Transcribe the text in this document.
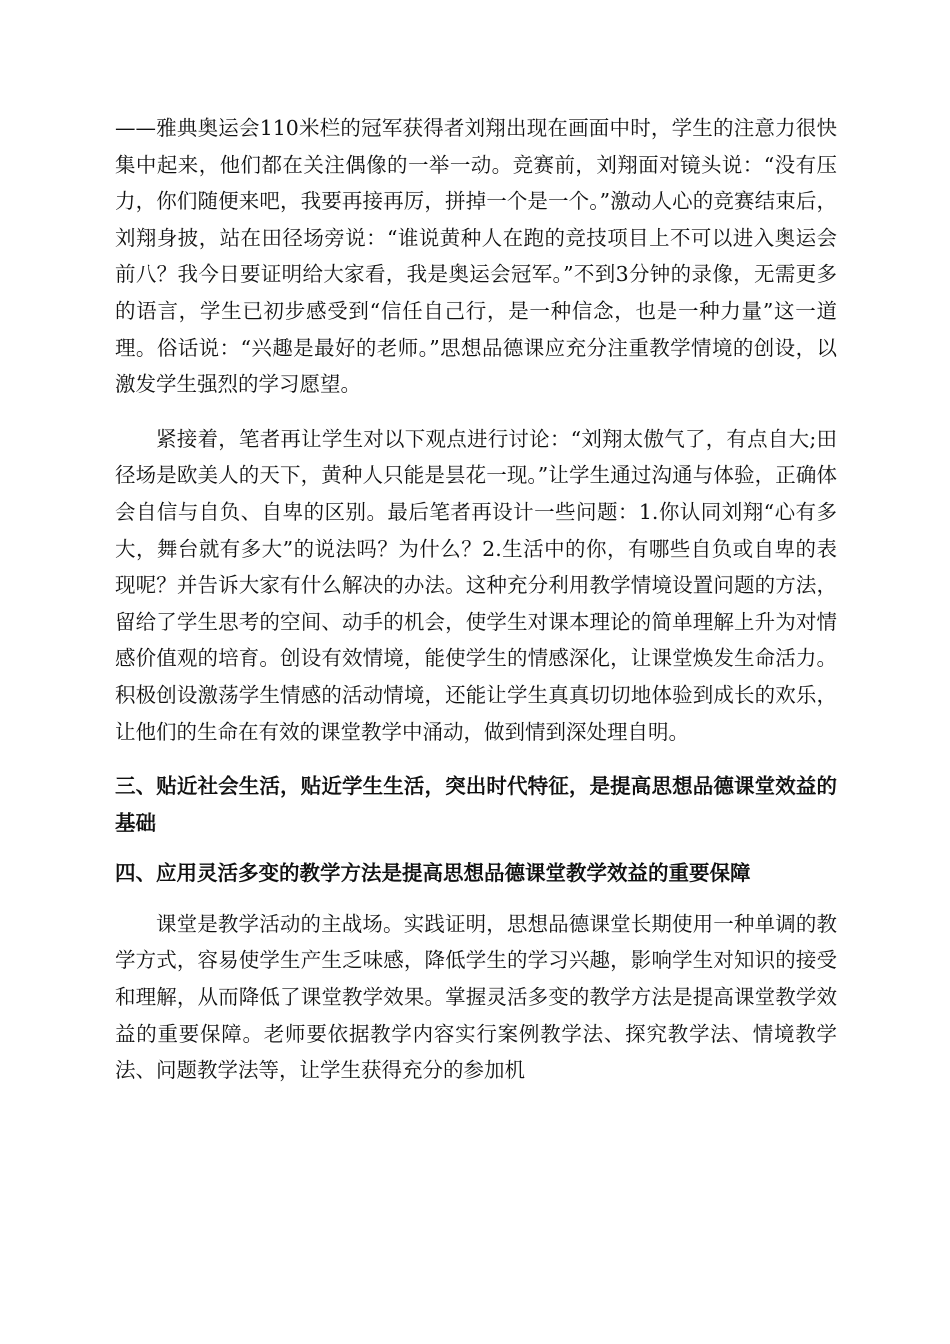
——雅典奥运会110米栏的冠军获得者刘翔出现在画面中时，学生的注意力很快集中起来，他们都在关注偶像的一举一动。竞赛前，刘翔面对镜头说：“没有压力，你们随便来吧，我要再接再厉，拼掉一个是一个。”激动人心的竞赛结束后，刘翔身披，站在田径场旁说：“谁说黄种人在跑的竞技项目上不可以进入奥运会前八？我今日要证明给大家看，我是奥运会冠军。”不到3分钟的录像，无需更多的语言，学生已初步感受到“信任自己行，是一种信念，也是一种力量”这一道理。俗话说：“兴趣是最好的老师。”思想品德课应充分注重教学情境的创设，以激发学生强烈的学习愿望。

紧接着，笔者再让学生对以下观点进行讨论：“刘翔太傲气了，有点自大;田径场是欧美人的天下，黄种人只能是昙花一现。”让学生通过沟通与体验，正确体会自信与自负、自卑的区别。最后笔者再设计一些问题：1.你认同刘翔“心有多大，舞台就有多大”的说法吗？为什么？2.生活中的你，有哪些自负或自卑的表现呢？并告诉大家有什么解决的办法。这种充分利用教学情境设置问题的方法，留给了学生思考的空间、动手的机会，使学生对课本理论的简单理解上升为对情感价值观的培育。创设有效情境，能使学生的情感深化，让课堂焕发生命活力。积极创设激荡学生情感的活动情境，还能让学生真真切切地体验到成长的欢乐，让他们的生命在有效的课堂教学中涌动，做到情到深处理自明。

三、贴近社会生活，贴近学生生活，突出时代特征，是提高思想品德课堂效益的基础

四、应用灵活多变的教学方法是提高思想品德课堂教学效益的重要保障

课堂是教学活动的主战场。实践证明，思想品德课堂长期使用一种单调的教学方式，容易使学生产生乏味感，降低学生的学习兴趣，影响学生对知识的接受和理解，从而降低了课堂教学效果。掌握灵活多变的教学方法是提高课堂教学效益的重要保障。老师要依据教学内容实行案例教学法、探究教学法、情境教学法、问题教学法等，让学生获得充分的参加机
